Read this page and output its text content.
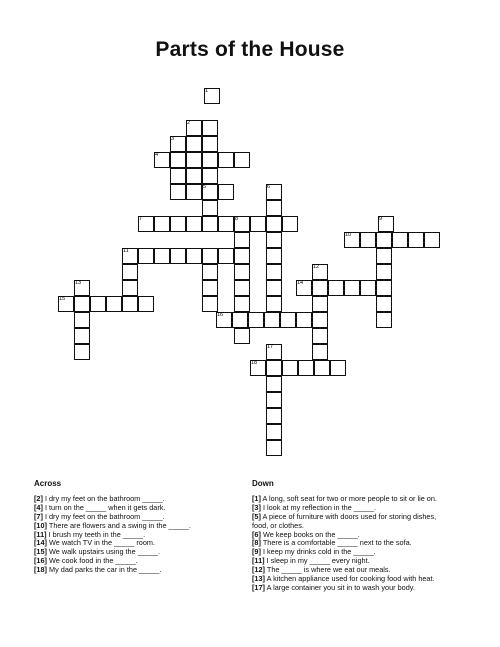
Parts of the House
1
2
3
4
5	6
7	8	9
10
11
12
13	14
15
16
17
18
Across
[2] I dry my feet on the bathroom _____.
[4] I turn on the _____ when it gets dark.
[7] I dry my feet on the bathroom _____.
[10] There are flowers and a swing in the _____.
[11] I brush my teeth in the _____.
[14] We watch TV in the _____ room.
[15] We walk upstairs using the _____.
[16] We cook food in the _____.
[18] My dad parks the car in the _____.
Down
[1] A long, soft seat for two or more people to sit or lie on.
[3] I look at my reflection in the _____.
[5] A piece of furniture with doors used for storing dishes,
food, or clothes.
[6] We keep books on the _____.
[8] There is a comfortable _____ next to the sofa.
[9] I keep my drinks cold in the _____.
[11] I sleep in my _____ every night.
[12] The _____ is where we eat our meals.
[13] A kitchen appliance used for cooking food with heat.
[17] A large container you sit in to wash your body.
